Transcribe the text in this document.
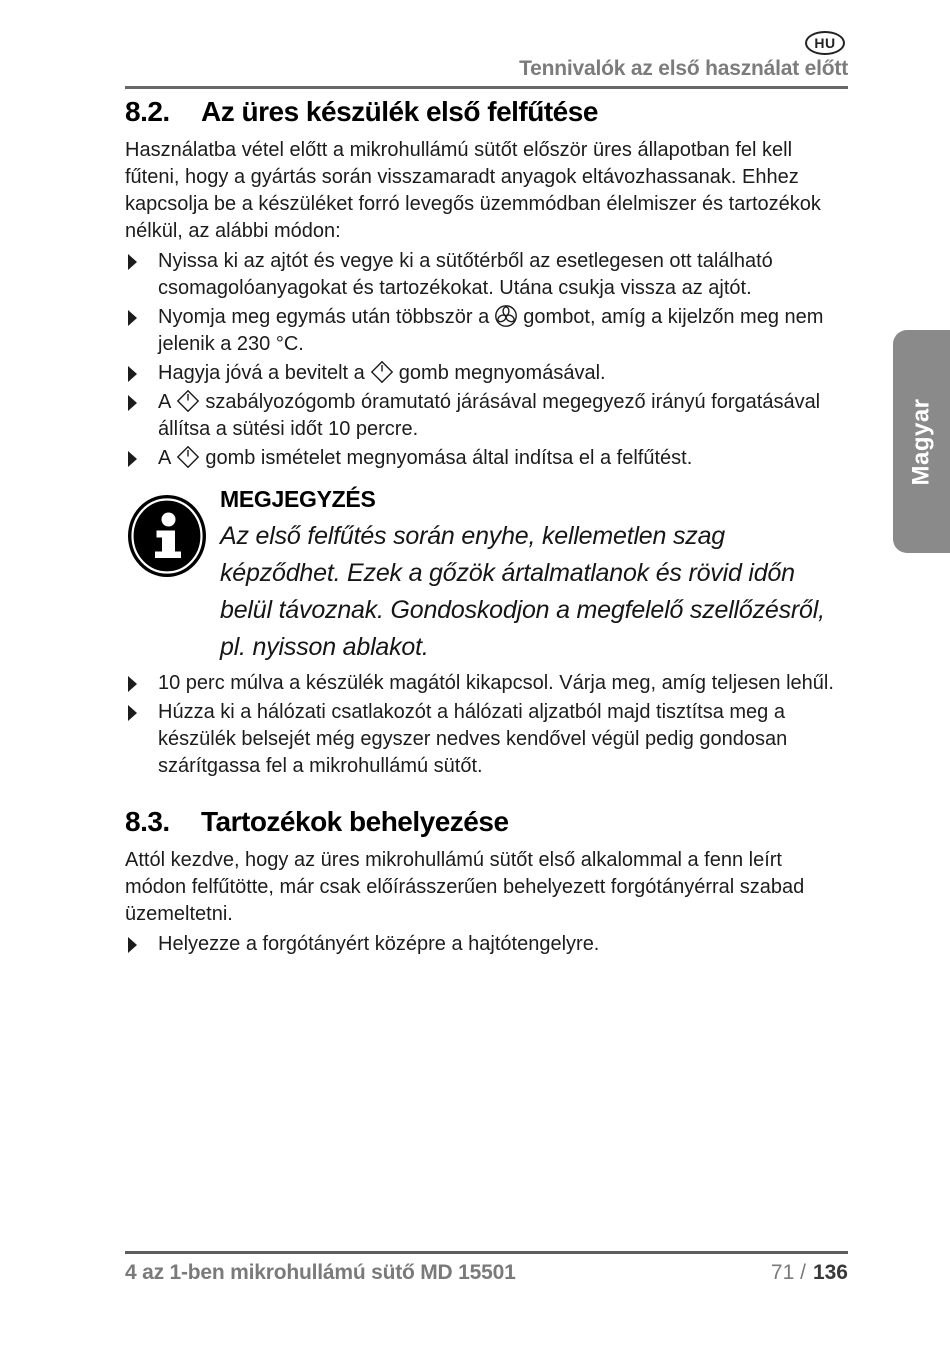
HU
Tennivalók az első használat előtt
8.2.	Az üres készülék első felfűtése

Használatba vétel előtt a mikrohullámú sütőt először üres állapotban fel kell fűteni, hogy a gyártás során visszamaradt anyagok eltávozhassanak. Ehhez kapcsolja be a készüléket forró levegős üzemmódban élelmiszer és tartozékok nélkül, az alábbi módon:

Nyissa ki az ajtót és vegye ki a sütőtérből az esetlegesen ott található csomagolóanyagokat és tartozékokat. Utána csukja vissza az ajtót.
Nyomja meg egymás után többször a gombot, amíg a kijelzőn meg nem jelenik a 230 °C.
Hagyja jóvá a bevitelt a gomb megnyomásával.
A szabályozógomb óramutató járásával megegyező irányú forgatásával állítsa a sütési időt 10 percre.
A gomb ismételet megnyomása által indítsa el a felfűtést.
MEGJEGYZÉS
Az első felfűtés során enyhe, kellemetlen szag képződhet. Ezek a gőzök ártalmatlanok és rövid időn belül távoznak. Gondoskodjon a megfelelő szellőzésről, pl. nyisson ablakot.
10 perc múlva a készülék magától kikapcsol. Várja meg, amíg teljesen lehűl.
Húzza ki a hálózati csatlakozót a hálózati aljzatból majd tisztítsa meg a készülék belsejét még egyszer nedves kendővel végül pedig gondosan szárítgassa fel a mikrohullámú sütőt.
8.3.	Tartozékok behelyezése

Attól kezdve, hogy az üres mikrohullámú sütőt első alkalommal a fenn leírt módon felfűtötte, már csak előírásszerűen behelyezett forgótányérral szabad üzemeltetni.

Helyezze a forgótányért középre a hajtótengelyre.
4 az 1-ben mikrohullámú sütő MD 15501	71 / 136
Magyar
